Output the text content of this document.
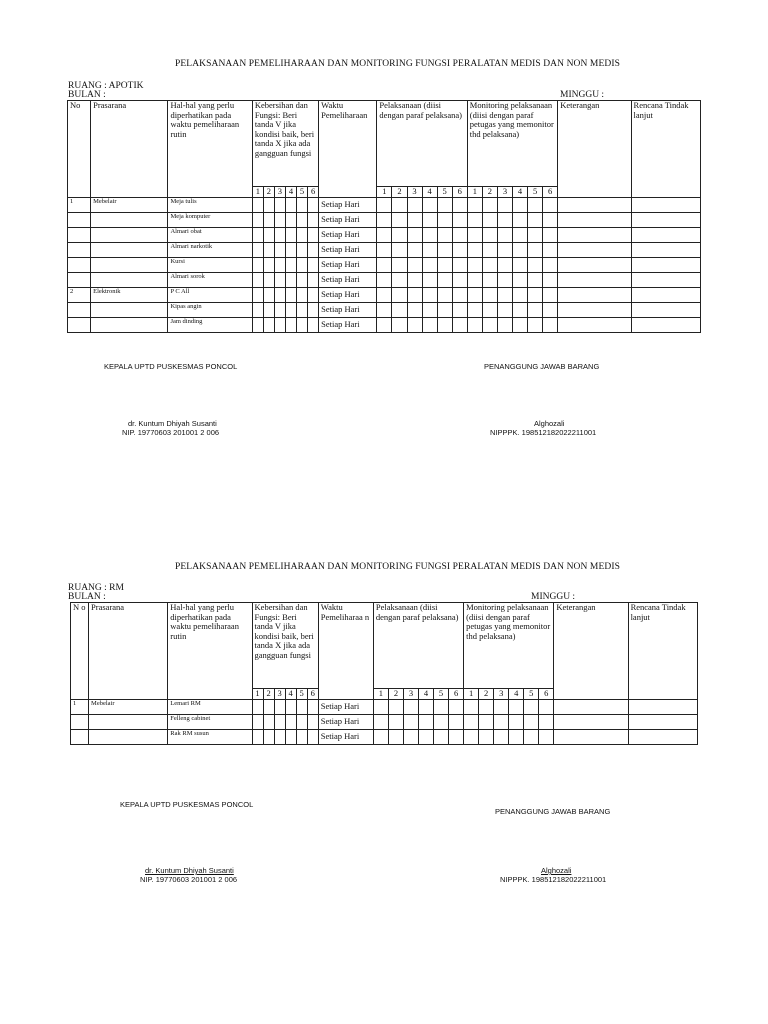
PELAKSANAAN PEMELIHARAAN DAN MONITORING FUNGSI PERALATAN MEDIS DAN NON MEDIS
RUANG : APOTIK
BULAN :	MINGGU :
No	Prasarana	Hal-hal yang perlu diperhatikan pada waktu pemeliharaan rutin	Kebersihan dan Fungsi: Beri tanda V jika kondisi baik, beri tanda X jika ada gangguan fungsi						Waktu Pemeliharaan	Pelaksanaan (diisi dengan paraf pelaksana)						Monitoring pelaksanaan (diisi dengan paraf petugas yang memonitor thd pelaksana)						Keterangan	Rencana Tindak lanjut
			1	2	3	4	5	6		1	2	3	4	5	6	1	2	3	4	5	6		
1	Mebelair	Meja tulis							Setiap Hari														
		Meja komputer							Setiap Hari														
		Almari obat							Setiap Hari														
		Almari narkotik							Setiap Hari														
		Kursi							Setiap Hari														
		Almari sorok							Setiap Hari														
2	Elektronik	P C All							Setiap Hari														
		Kipas angin							Setiap Hari														
		Jam dinding							Setiap Hari														
KEPALA UPTD PUSKESMAS PONCOL	PENANGGUNG JAWAB BARANG
dr. Kuntum Dhiyah Susanti
NIP. 19770603 201001 2 006
Alghozali
NIPPPK. 198512182022211001
PELAKSANAAN PEMELIHARAAN DAN MONITORING FUNGSI PERALATAN MEDIS DAN NON MEDIS
RUANG : RM
BULAN :	MINGGU :
N o	Prasarana	Hal-hal yang perlu diperhatikan pada waktu pemeliharaan rutin	Kebersihan dan Fungsi: Beri tanda V jika kondisi baik, beri tanda X jika ada gangguan fungsi						Waktu Pemeliharaa n	Pelaksanaan (diisi dengan paraf pelaksana)						Monitoring pelaksanaan (diisi dengan paraf petugas yang memonitor thd pelaksana)						Keterangan	Rencana Tindak lanjut
			1	2	3	4	5	6		1	2	3	4	5	6	1	2	3	4	5	6		
1	Mebelair	Lemari RM							Setiap Hari														
		Felleng cabinet							Setiap Hari														
		Rak RM susun							Setiap Hari														
KEPALA UPTD PUSKESMAS PONCOL
PENANGGUNG JAWAB BARANG
dr. Kuntum Dhiyah Susanti
NIP. 19770603 201001 2 006
Alghozali
NIPPPK. 198512182022211001
